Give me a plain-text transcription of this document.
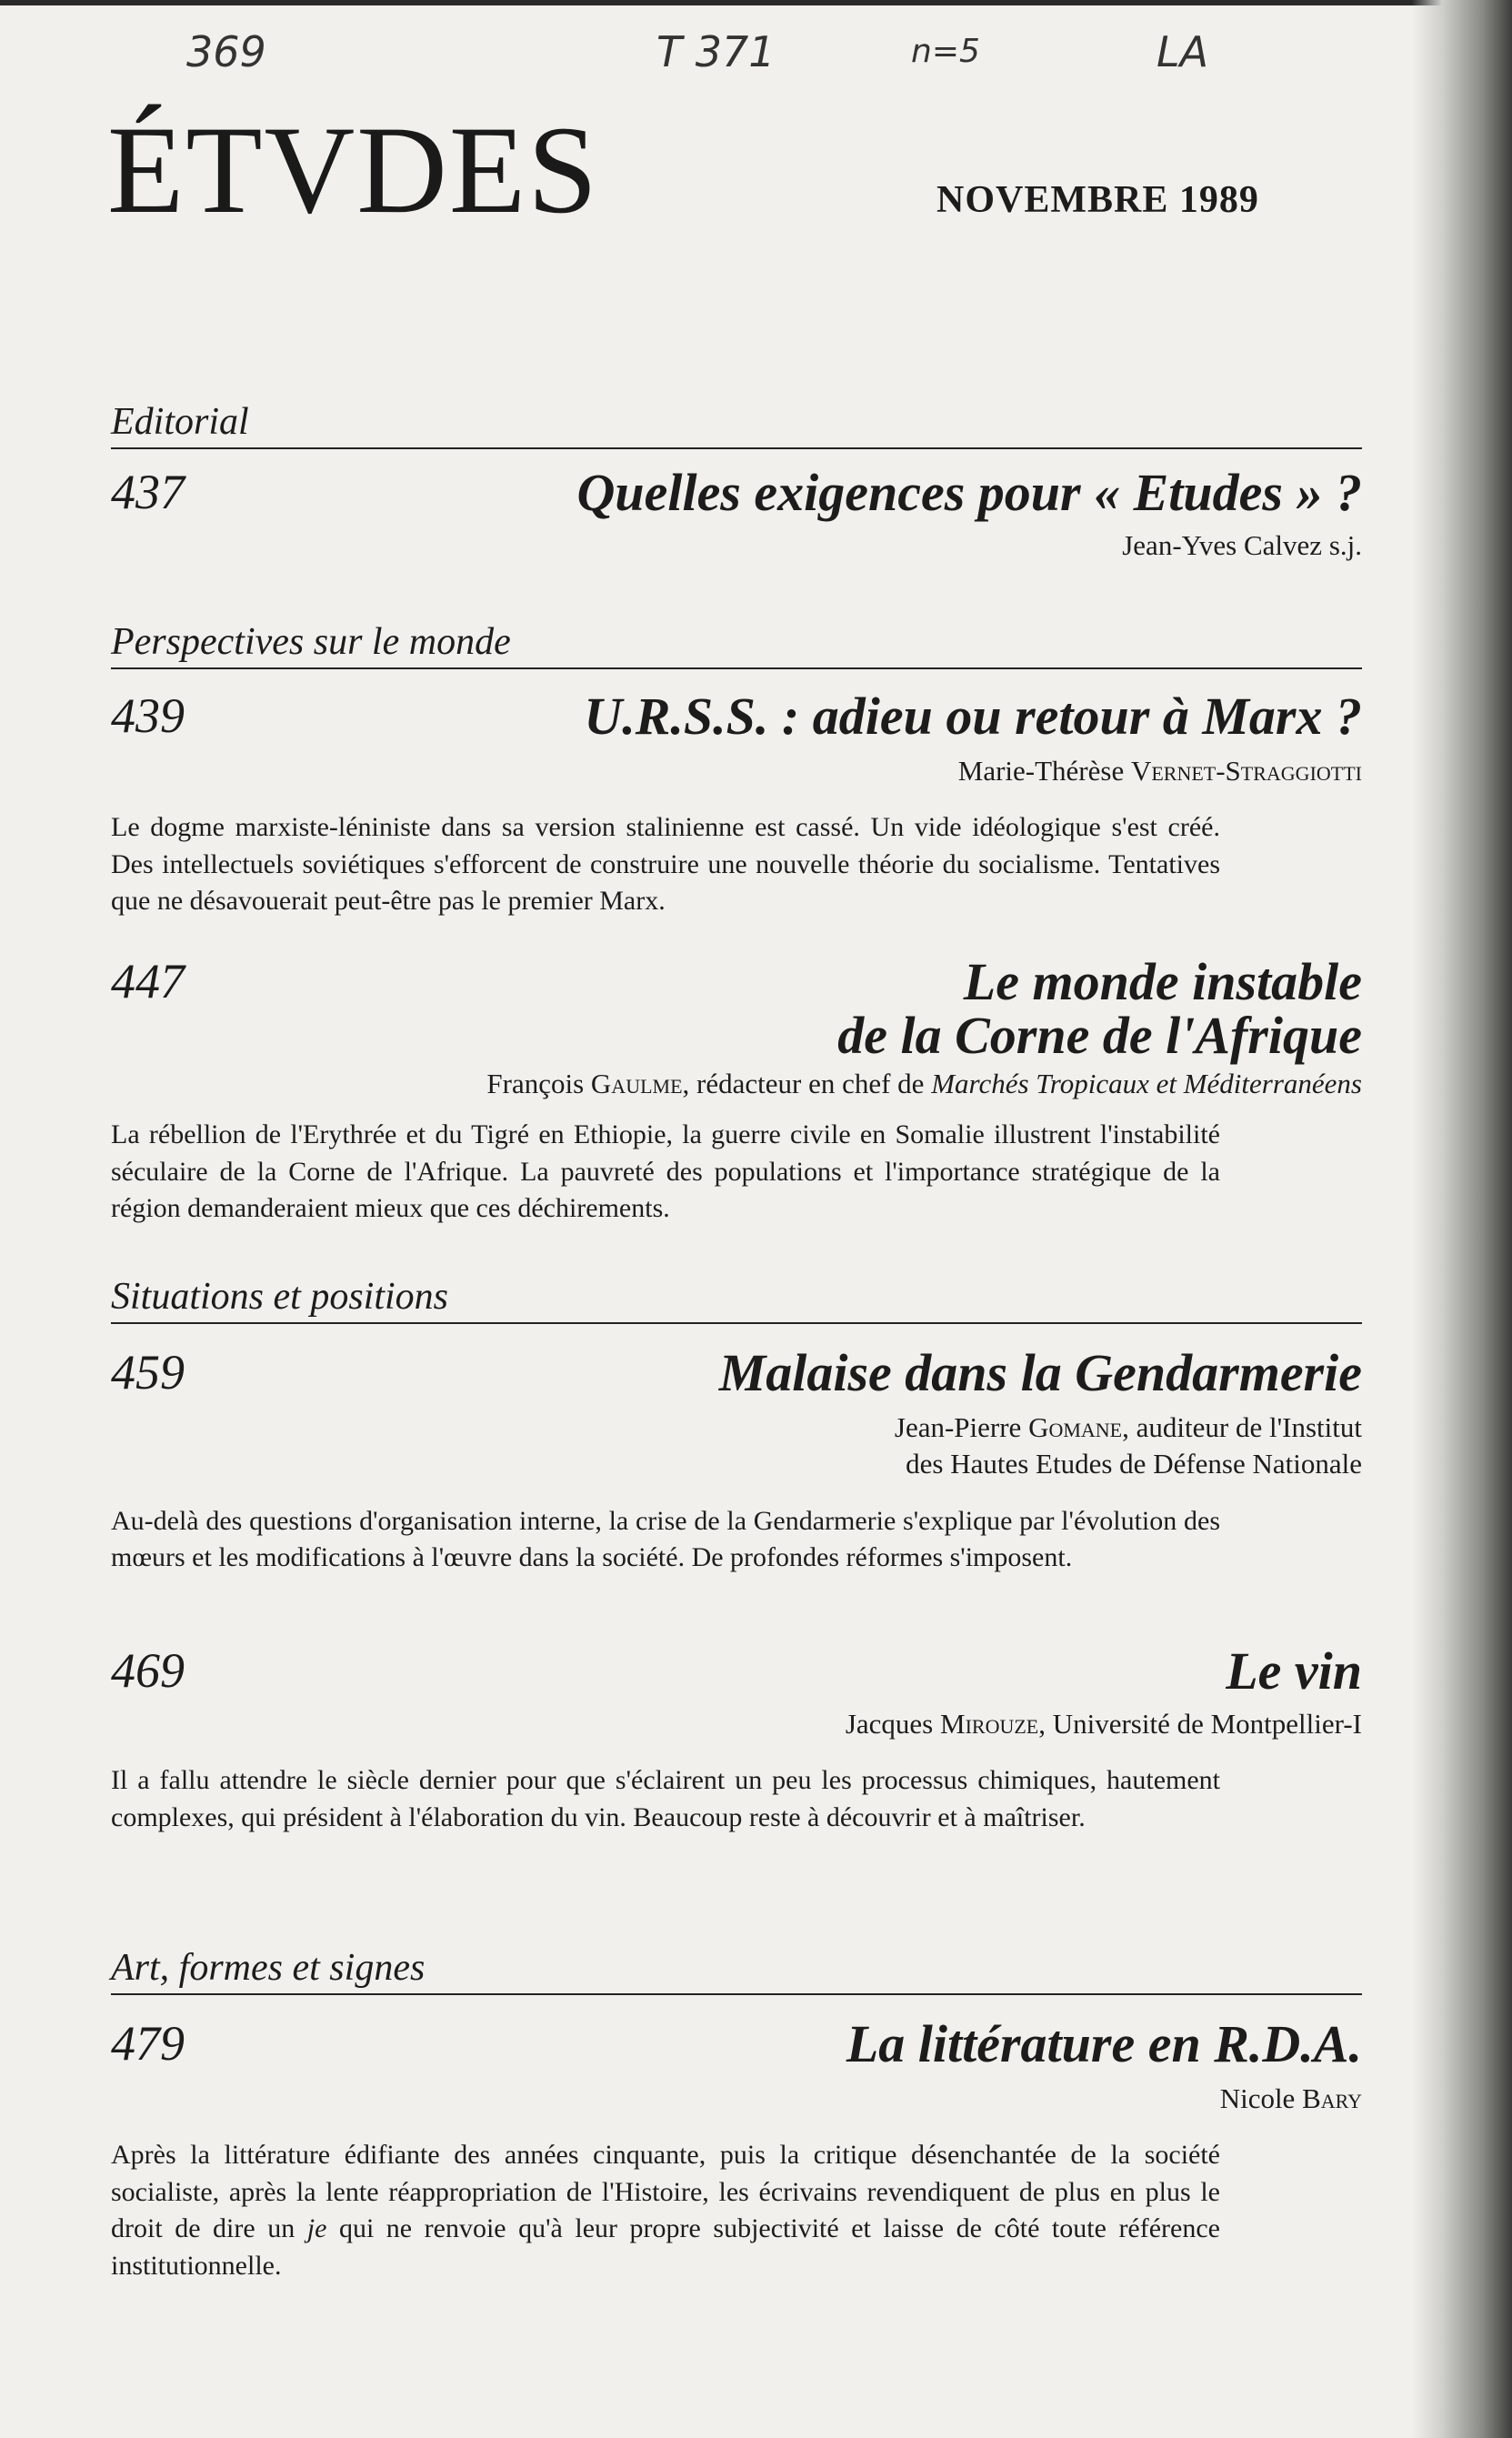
369	T 371	n=5	LA
ÉTVDES	NOVEMBRE 1989
Editorial
437	Quelles exigences pour « Etudes » ?
Jean-Yves Calvez s.j.
Perspectives sur le monde
439	U.R.S.S. : adieu ou retour à Marx ?
Marie-Thérèse Vernet-Straggiotti
Le dogme marxiste-léniniste dans sa version stalinienne est cassé. Un vide idéologique s'est créé. Des intellectuels soviétiques s'efforcent de construire une nouvelle théorie du socialisme. Tentatives que ne désavouerait peut-être pas le premier Marx.
447	Le monde instable
de la Corne de l'Afrique
François Gaulme, rédacteur en chef de Marchés Tropicaux et Méditerranéens
La rébellion de l'Erythrée et du Tigré en Ethiopie, la guerre civile en Somalie illustrent l'instabilité séculaire de la Corne de l'Afrique. La pauvreté des populations et l'importance stratégique de la région demanderaient mieux que ces déchirements.
Situations et positions
459	Malaise dans la Gendarmerie
Jean-Pierre Gomane, auditeur de l'Institut
des Hautes Etudes de Défense Nationale
Au-delà des questions d'organisation interne, la crise de la Gendarmerie s'explique par l'évolution des mœurs et les modifications à l'œuvre dans la société. De profondes réformes s'imposent.
469	Le vin
Jacques Mirouze, Université de Montpellier-I
Il a fallu attendre le siècle dernier pour que s'éclairent un peu les processus chimiques, hautement complexes, qui président à l'élaboration du vin. Beaucoup reste à découvrir et à maîtriser.
Art, formes et signes
479	La littérature en R.D.A.
Nicole Bary
Après la littérature édifiante des années cinquante, puis la critique désenchantée de la société socialiste, après la lente réappropriation de l'Histoire, les écrivains revendiquent de plus en plus le droit de dire un je qui ne renvoie qu'à leur propre subjectivité et laisse de côté toute référence institutionnelle.
